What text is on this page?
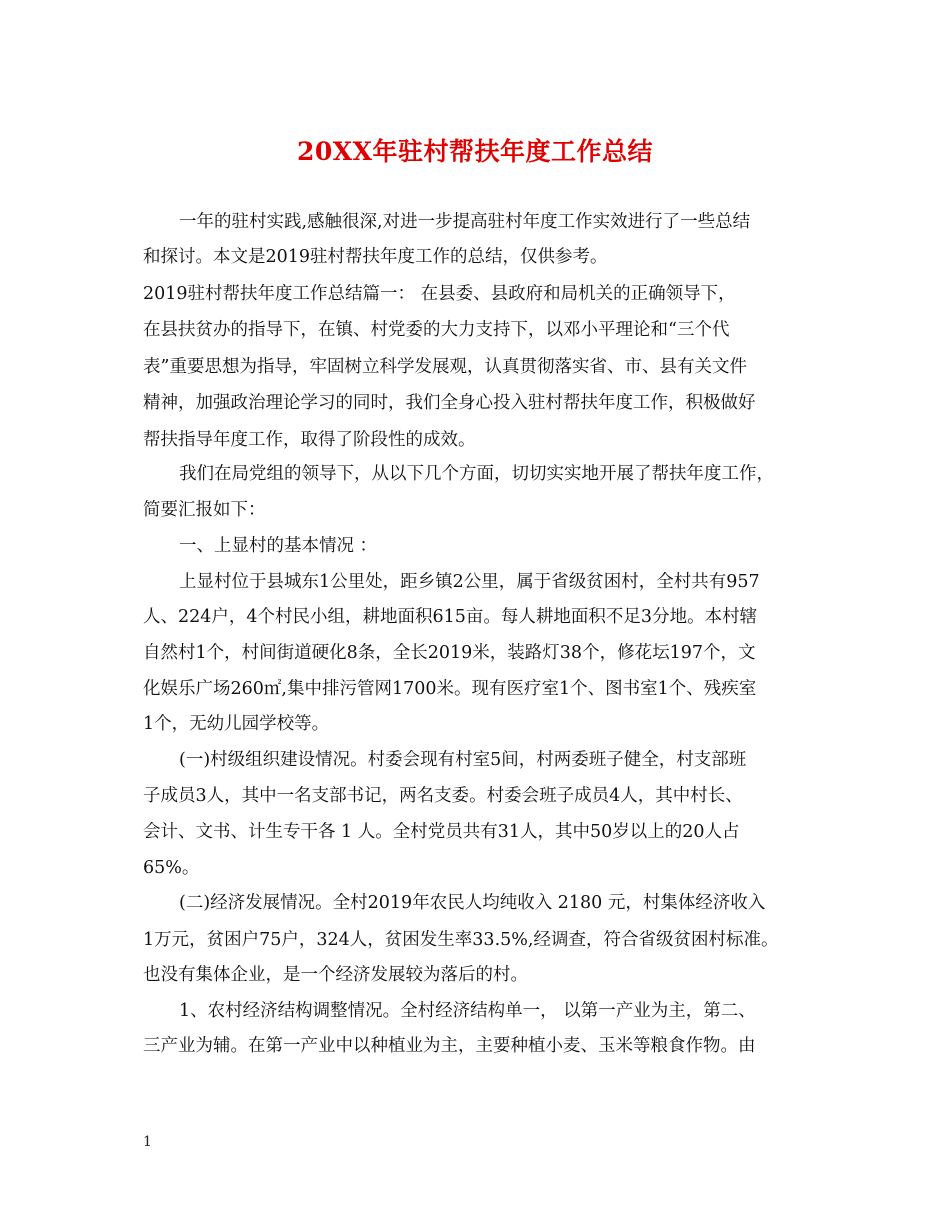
20XX年驻村帮扶年度工作总结
一年的驻村实践,感触很深,对进一步提高驻村年度工作实效进行了一些总结
和探讨。本文是2019驻村帮扶年度工作的总结，仅供参考。
2019驻村帮扶年度工作总结篇一： 在县委、县政府和局机关的正确领导下，
在县扶贫办的指导下，在镇、村党委的大力支持下，以邓小平理论和“三个代
表”重要思想为指导，牢固树立科学发展观，认真贯彻落实省、市、县有关文件
精神，加强政治理论学习的同时，我们全身心投入驻村帮扶年度工作，积极做好
帮扶指导年度工作，取得了阶段性的成效。
我们在局党组的领导下，从以下几个方面，切切实实地开展了帮扶年度工作，
简要汇报如下：
一、上显村的基本情况 ：
上显村位于县城东1公里处，距乡镇2公里，属于省级贫困村，全村共有957
人、224户，4个村民小组，耕地面积615亩。每人耕地面积不足3分地。本村辖
自然村1个，村间街道硬化8条，全长2019米，装路灯38个，修花坛197个，文
化娱乐广场260㎡,集中排污管网1700米。现有医疗室1个、图书室1个、残疾室
1个，无幼儿园学校等。
(一)村级组织建设情况。村委会现有村室5间，村两委班子健全，村支部班
子成员3人，其中一名支部书记，两名支委。村委会班子成员4人，其中村长、
会计、文书、计生专干各 1 人。全村党员共有31人，其中50岁以上的20人占
65%。
(二)经济发展情况。全村2019年农民人均纯收入 2180 元，村集体经济收入
1万元，贫困户75户，324人，贫困发生率33.5%,经调查，符合省级贫困村标准。
也没有集体企业，是一个经济发展较为落后的村。
1、农村经济结构调整情况。全村经济结构单一， 以第一产业为主，第二、
三产业为辅。在第一产业中以种植业为主，主要种植小麦、玉米等粮食作物。由
1
